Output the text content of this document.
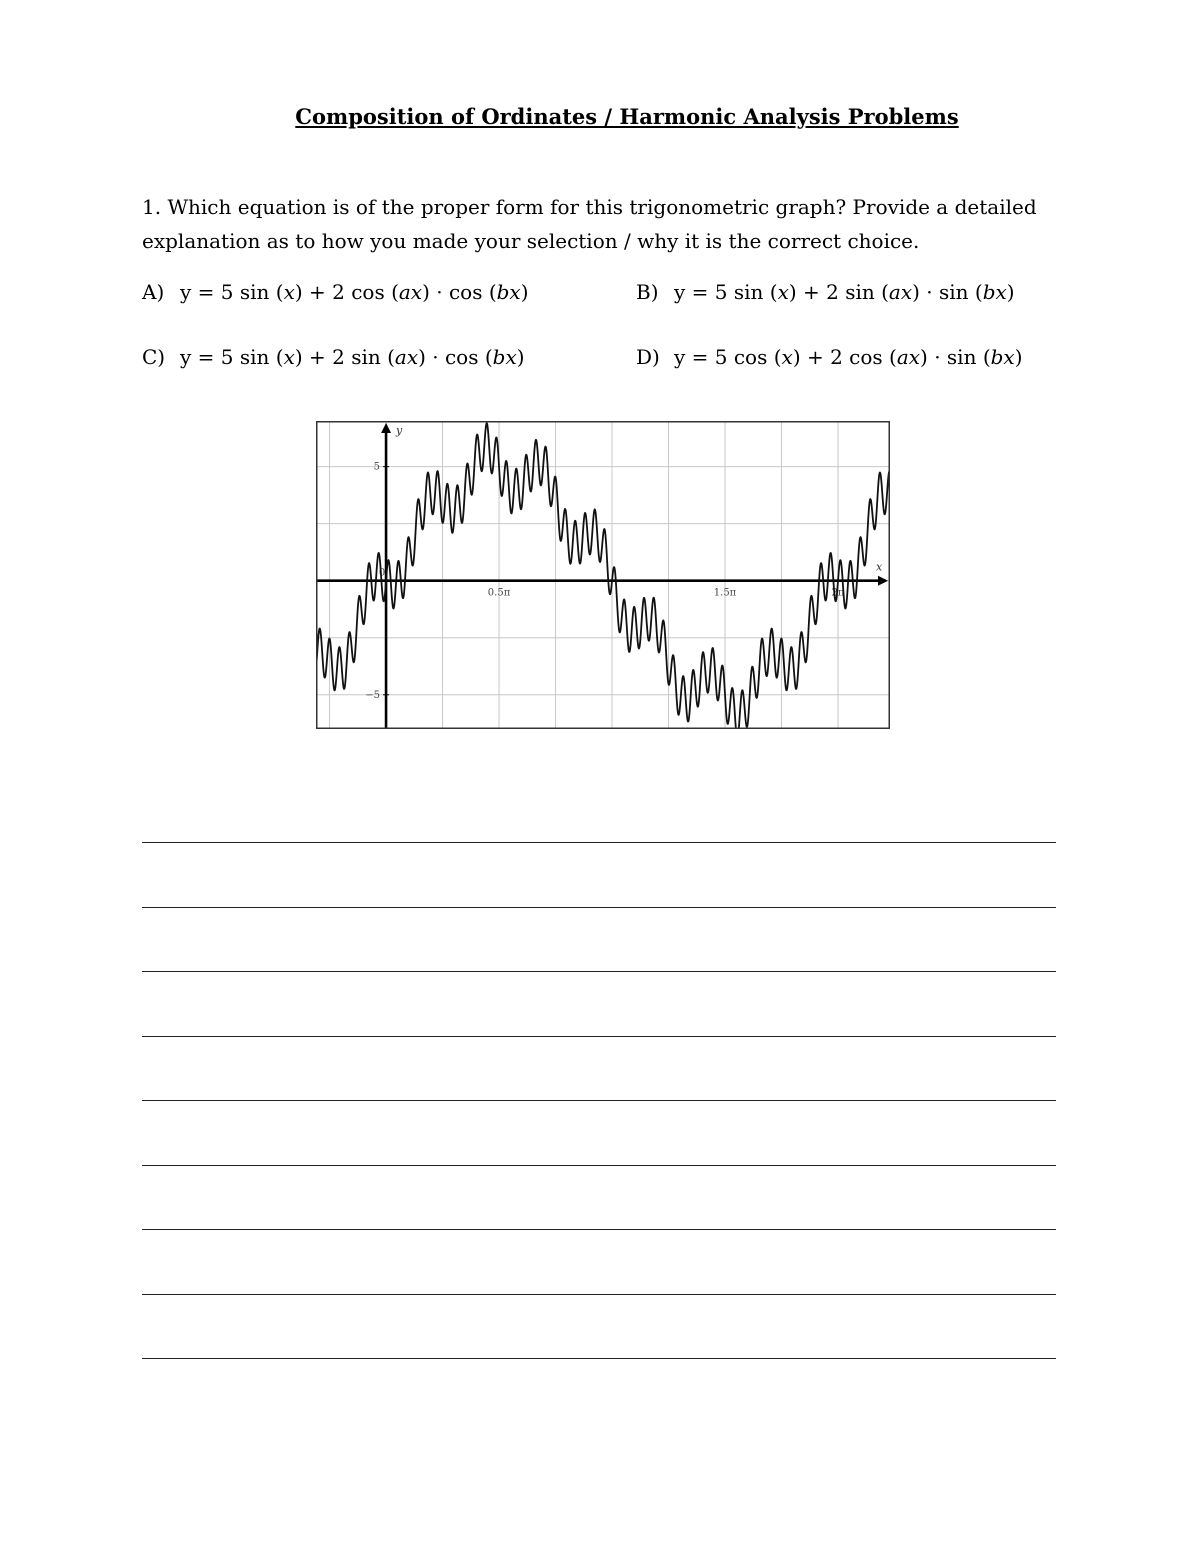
Composition of Ordinates / Harmonic Analysis Problems
1. Which equation is of the proper form for this trigonometric graph? Provide a detailed explanation as to how you made your selection / why it is the correct choice.
A) y = 5 sin (x) + 2 cos (ax) · cos (bx)	B) y = 5 sin (x) + 2 sin (ax) · sin (bx)
C) y = 5 sin (x) + 2 sin (ax) · cos (bx)	D) y = 5 cos (x) + 2 cos (ax) · sin (bx)
y
x
5
−5
0
0.5π	1.5π	2π
